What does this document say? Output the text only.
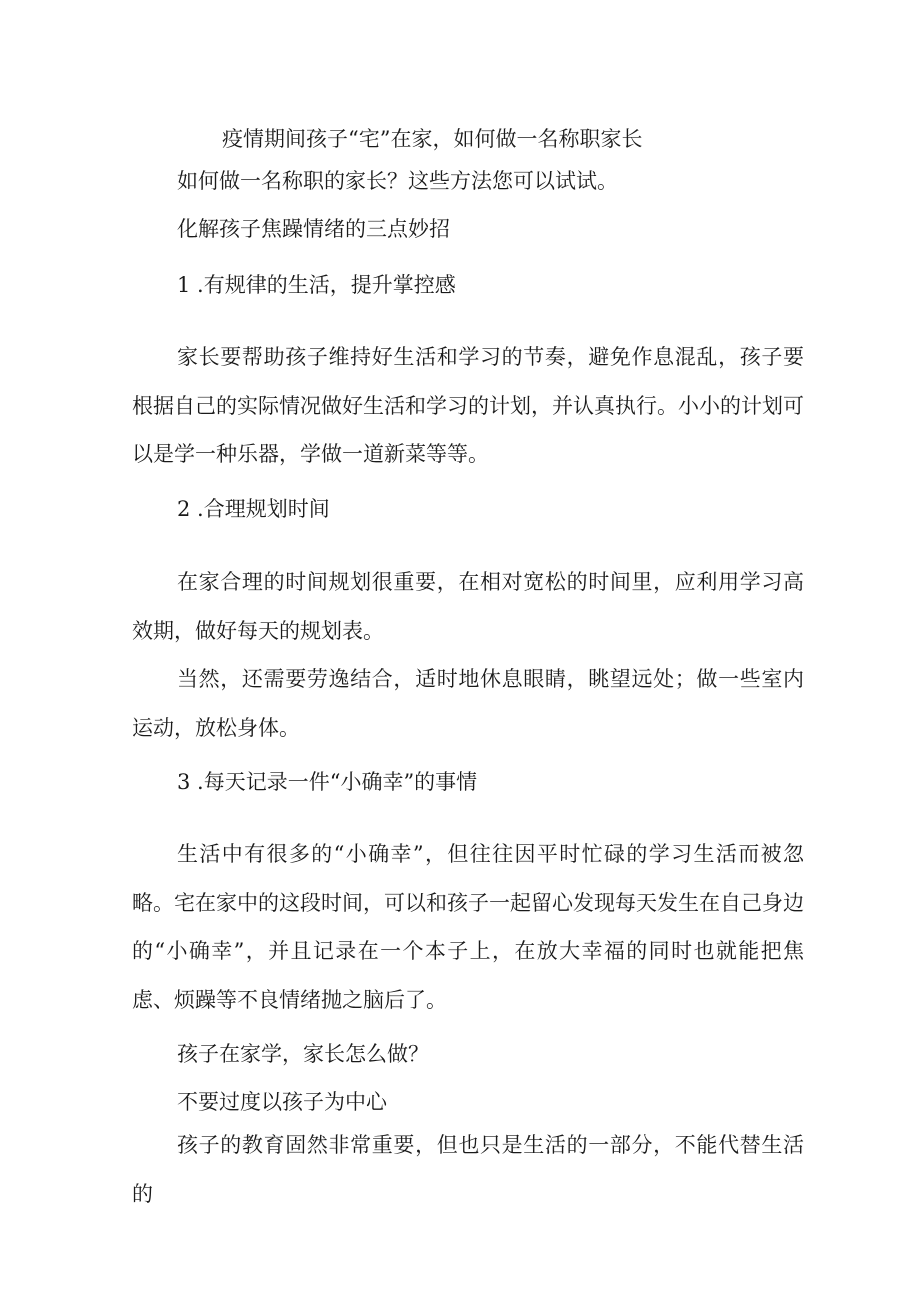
疫情期间孩子“宅”在家，如何做一名称职家长

如何做一名称职的家长？这些方法您可以试试。

化解孩子焦躁情绪的三点妙招

1 .有规律的生活，提升掌控感

家长要帮助孩子维持好生活和学习的节奏，避免作息混乱，孩子要根据自己的实际情况做好生活和学习的计划，并认真执行。小小的计划可以是学一种乐器，学做一道新菜等等。

2 .合理规划时间

在家合理的时间规划很重要，在相对宽松的时间里，应利用学习高效期，做好每天的规划表。

当然，还需要劳逸结合，适时地休息眼睛，眺望远处；做一些室内运动，放松身体。

3 .每天记录一件“小确幸”的事情

生活中有很多的“小确幸”，但往往因平时忙碌的学习生活而被忽略。宅在家中的这段时间，可以和孩子一起留心发现每天发生在自己身边的“小确幸”，并且记录在一个本子上，在放大幸福的同时也就能把焦虑、烦躁等不良情绪抛之脑后了。

孩子在家学，家长怎么做？

不要过度以孩子为中心

孩子的教育固然非常重要，但也只是生活的一部分，不能代替生活的
